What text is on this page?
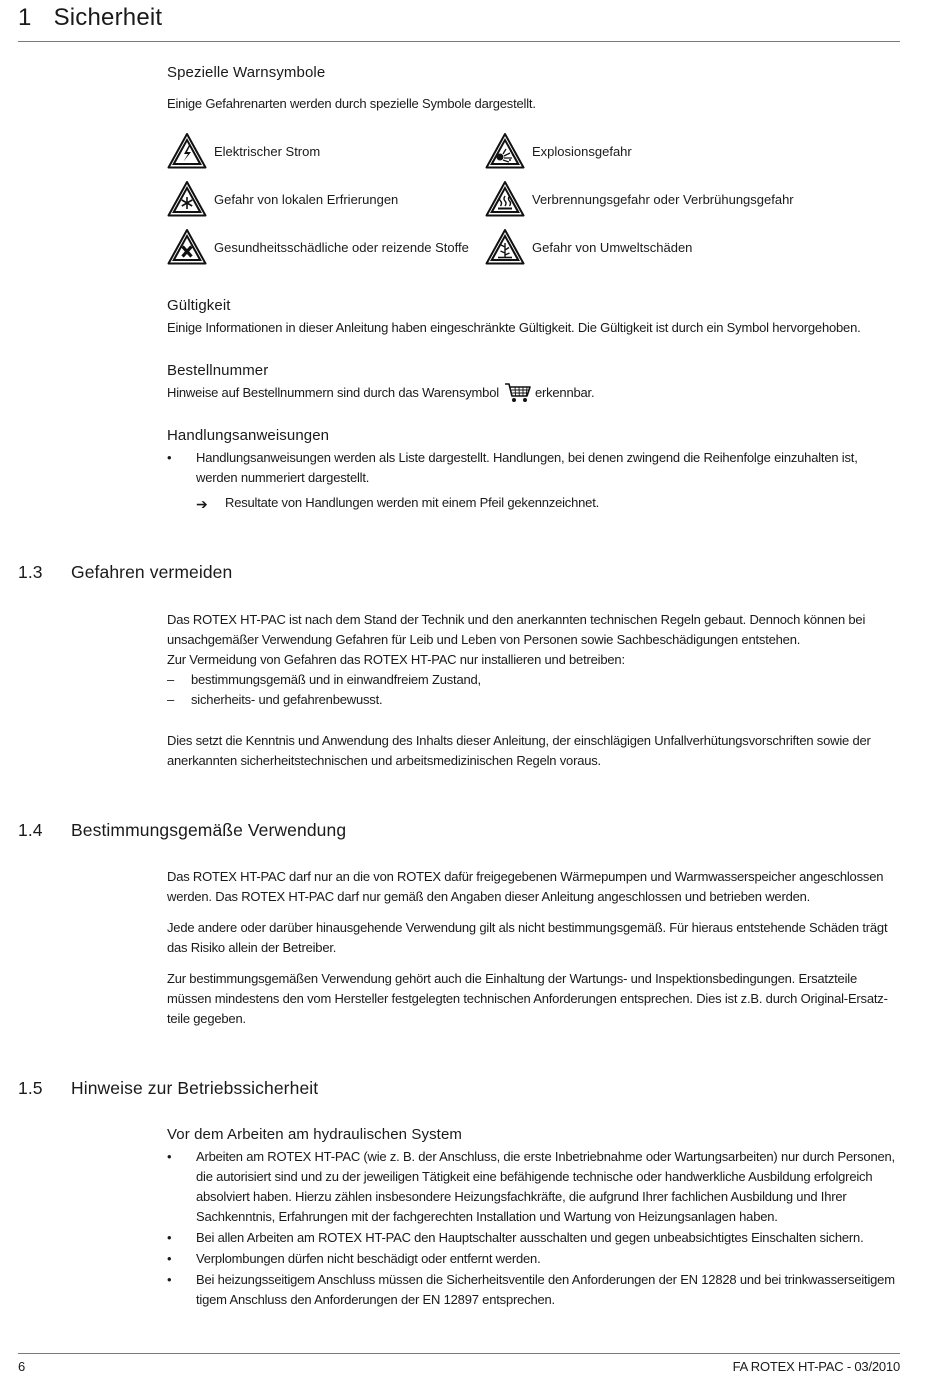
1 Sicherheit
Spezielle Warnsymbole
Einige Gefahrenarten werden durch spezielle Symbole dargestellt.
Elektrischer Strom	Explosionsgefahr
Gefahr von lokalen Erfrierungen	Verbrennungsgefahr oder Verbrühungsgefahr
Gesundheitsschädliche oder reizende Stoffe	Gefahr von Umweltschäden
Gültigkeit
Einige Informationen in dieser Anleitung haben eingeschränkte Gültigkeit. Die Gültigkeit ist durch ein Symbol hervorgehoben.
Bestellnummer
Hinweise auf Bestellnummern sind durch das Warensymbol	erkennbar.
Handlungsanweisungen
• Handlungsanweisungen werden als Liste dargestellt. Handlungen, bei denen zwingend die Reihenfolge einzuhalten ist,
werden nummeriert dargestellt.
➔ Resultate von Handlungen werden mit einem Pfeil gekennzeichnet.
1.3 Gefahren vermeiden
Das ROTEX HT-PAC ist nach dem Stand der Technik und den anerkannten technischen Regeln gebaut. Dennoch können bei
unsachgemäßer Verwendung Gefahren für Leib und Leben von Personen sowie Sachbeschädigungen entstehen.
Zur Vermeidung von Gefahren das ROTEX HT-PAC nur installieren und betreiben:
– bestimmungsgemäß und in einwandfreiem Zustand,
– sicherheits- und gefahrenbewusst.
Dies setzt die Kenntnis und Anwendung des Inhalts dieser Anleitung, der einschlägigen Unfallverhütungsvorschriften sowie der
anerkannten sicherheitstechnischen und arbeitsmedizinischen Regeln voraus.
1.4 Bestimmungsgemäße Verwendung
Das ROTEX HT-PAC darf nur an die von ROTEX dafür freigegebenen Wärmepumpen und Warmwasserspeicher angeschlossen
werden. Das ROTEX HT-PAC darf nur gemäß den Angaben dieser Anleitung angeschlossen und betrieben werden.
Jede andere oder darüber hinausgehende Verwendung gilt als nicht bestimmungsgemäß. Für hieraus entstehende Schäden trägt
das Risiko allein der Betreiber.
Zur bestimmungsgemäßen Verwendung gehört auch die Einhaltung der Wartungs- und Inspektionsbedingungen. Ersatzteile
müssen mindestens den vom Hersteller festgelegten technischen Anforderungen entsprechen. Dies ist z.B. durch Original-Ersatz-
teile gegeben.
1.5 Hinweise zur Betriebssicherheit
Vor dem Arbeiten am hydraulischen System
• Arbeiten am ROTEX HT-PAC (wie z. B. der Anschluss, die erste Inbetriebnahme oder Wartungsarbeiten) nur durch Personen,
die autorisiert sind und zu der jeweiligen Tätigkeit eine befähigende technische oder handwerkliche Ausbildung erfolgreich
absolviert haben. Hierzu zählen insbesondere Heizungsfachkräfte, die aufgrund Ihrer fachlichen Ausbildung und Ihrer
Sachkenntnis, Erfahrungen mit der fachgerechten Installation und Wartung von Heizungsanlagen haben.
• Bei allen Arbeiten am ROTEX HT-PAC den Hauptschalter ausschalten und gegen unbeabsichtigtes Einschalten sichern.
• Verplombungen dürfen nicht beschädigt oder entfernt werden.
• Bei heizungsseitigem Anschluss müssen die Sicherheitsventile den Anforderungen der EN 12828 und bei trinkwasserseitigem
tigem Anschluss den Anforderungen der EN 12897 entsprechen.
6	FA ROTEX HT-PAC - 03/2010
